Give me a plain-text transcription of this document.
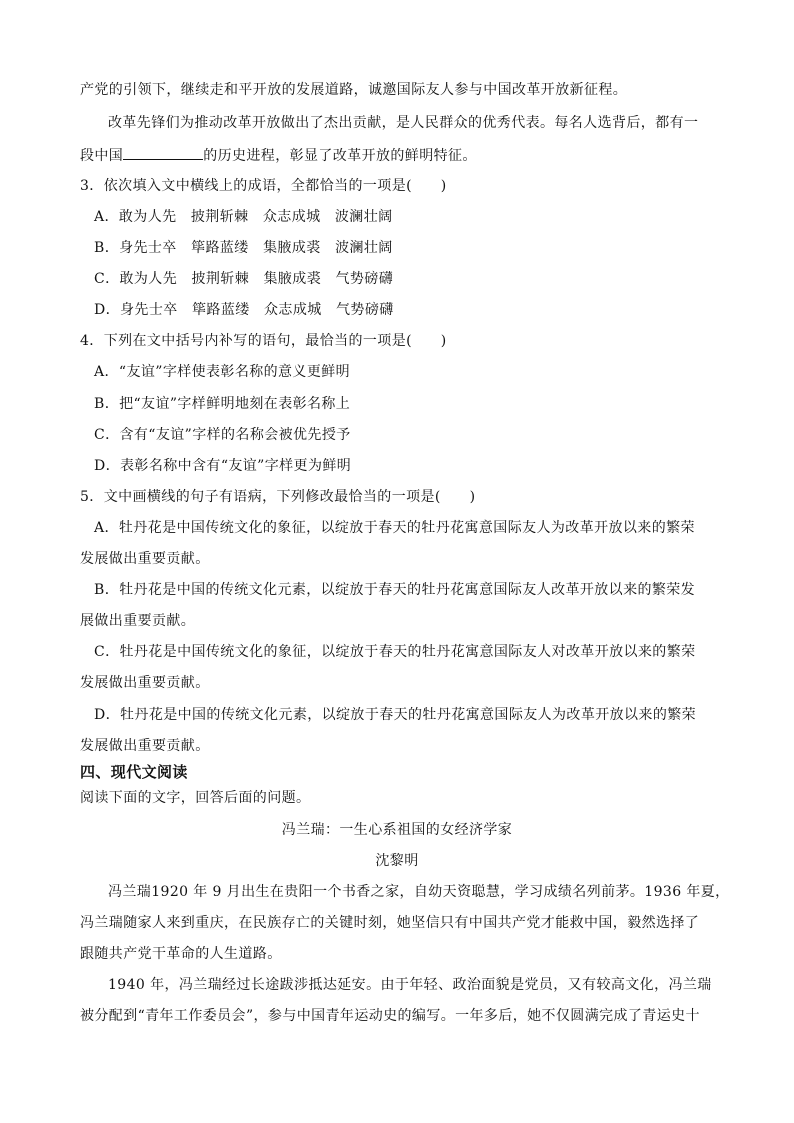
产党的引领下，继续走和平开放的发展道路，诚邀国际友人参与中国改革开放新征程。
改革先锋们为推动改革开放做出了杰出贡献，是人民群众的优秀代表。每名人选背后，都有一
段中国	的历史进程，彰显了改革开放的鲜明特征。
3．依次填入文中横线上的成语，全都恰当的一项是(　　)
A．敢为人先　披荆斩棘　众志成城　波澜壮阔
B．身先士卒　筚路蓝缕　集腋成裘　波澜壮阔
C．敢为人先　披荆斩棘　集腋成裘　气势磅礴
D．身先士卒　筚路蓝缕　众志成城　气势磅礴
4．下列在文中括号内补写的语句，最恰当的一项是(　　)
A．“友谊”字样使表彰名称的意义更鲜明
B．把“友谊”字样鲜明地刻在表彰名称上
C．含有“友谊”字样的名称会被优先授予
D．表彰名称中含有“友谊”字样更为鲜明
5．文中画横线的句子有语病，下列修改最恰当的一项是(　　)
A．牡丹花是中国传统文化的象征，以绽放于春天的牡丹花寓意国际友人为改革开放以来的繁荣
发展做出重要贡献。
B．牡丹花是中国的传统文化元素，以绽放于春天的牡丹花寓意国际友人改革开放以来的繁荣发
展做出重要贡献。
C．牡丹花是中国传统文化的象征，以绽放于春天的牡丹花寓意国际友人对改革开放以来的繁荣
发展做出重要贡献。
D．牡丹花是中国的传统文化元素，以绽放于春天的牡丹花寓意国际友人为改革开放以来的繁荣
发展做出重要贡献。
四、现代文阅读
阅读下面的文字，回答后面的问题。
冯兰瑞：一生心系祖国的女经济学家
沈黎明
冯兰瑞1920 年 9 月出生在贵阳一个书香之家，自幼天资聪慧，学习成绩名列前茅。1936 年夏，
冯兰瑞随家人来到重庆，在民族存亡的关键时刻，她坚信只有中国共产党才能救中国，毅然选择了
跟随共产党干革命的人生道路。
1940 年，冯兰瑞经过长途跋涉抵达延安。由于年轻、政治面貌是党员，又有较高文化，冯兰瑞
被分配到“青年工作委员会”，参与中国青年运动史的编写。一年多后，她不仅圆满完成了青运史十
